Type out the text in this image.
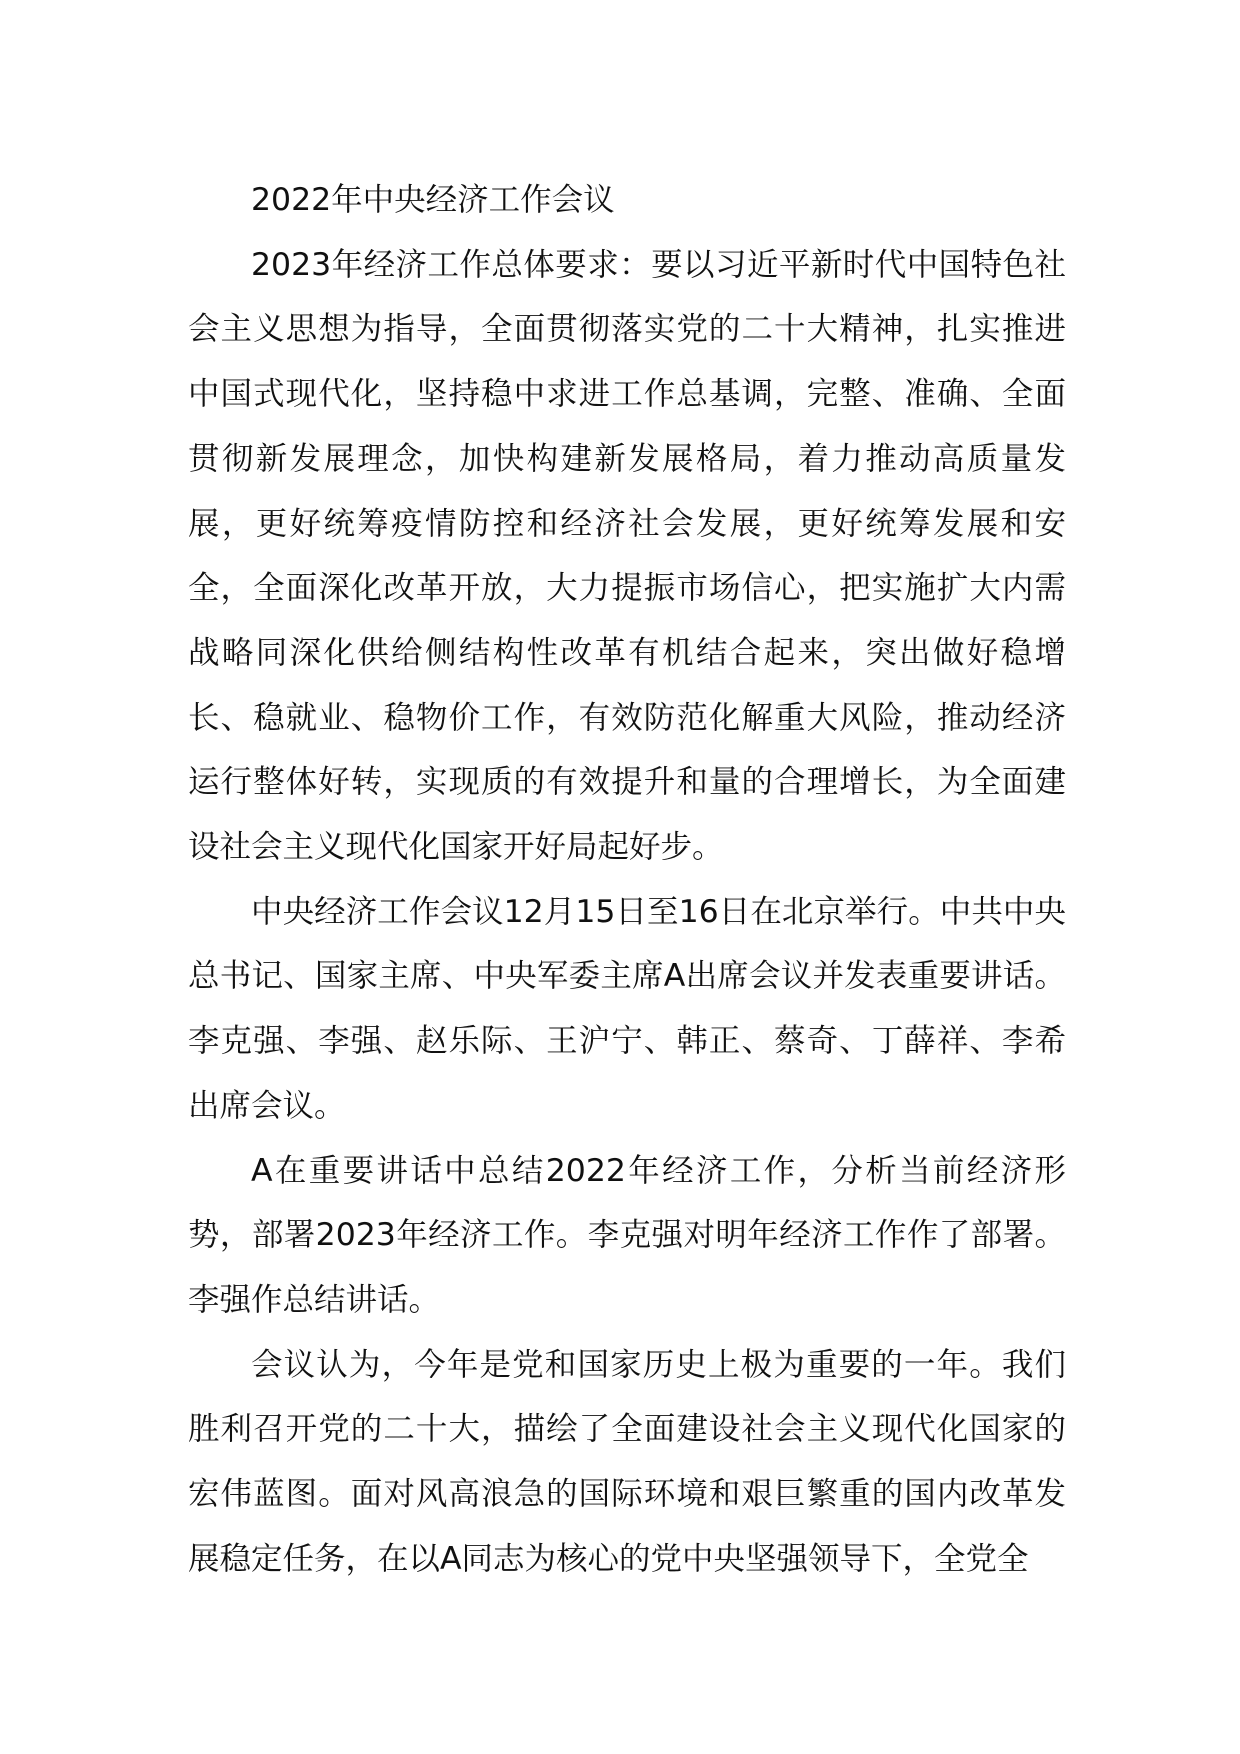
2022年中央经济工作会议

2023年经济工作总体要求：要以习近平新时代中国特色社会主义思想为指导，全面贯彻落实党的二十大精神，扎实推进中国式现代化，坚持稳中求进工作总基调，完整、准确、全面贯彻新发展理念，加快构建新发展格局，着力推动高质量发展，更好统筹疫情防控和经济社会发展，更好统筹发展和安全，全面深化改革开放，大力提振市场信心，把实施扩大内需战略同深化供给侧结构性改革有机结合起来，突出做好稳增长、稳就业、稳物价工作，有效防范化解重大风险，推动经济运行整体好转，实现质的有效提升和量的合理增长，为全面建设社会主义现代化国家开好局起好步。

中央经济工作会议12月15日至16日在北京举行。中共中央总书记、国家主席、中央军委主席A出席会议并发表重要讲话。李克强、李强、赵乐际、王沪宁、韩正、蔡奇、丁薛祥、李希出席会议。

A在重要讲话中总结2022年经济工作，分析当前经济形势，部署2023年经济工作。李克强对明年经济工作作了部署。李强作总结讲话。

会议认为，今年是党和国家历史上极为重要的一年。我们胜利召开党的二十大，描绘了全面建设社会主义现代化国家的宏伟蓝图。面对风高浪急的国际环境和艰巨繁重的国内改革发展稳定任务，在以A同志为核心的党中央坚强领导下，全党全
